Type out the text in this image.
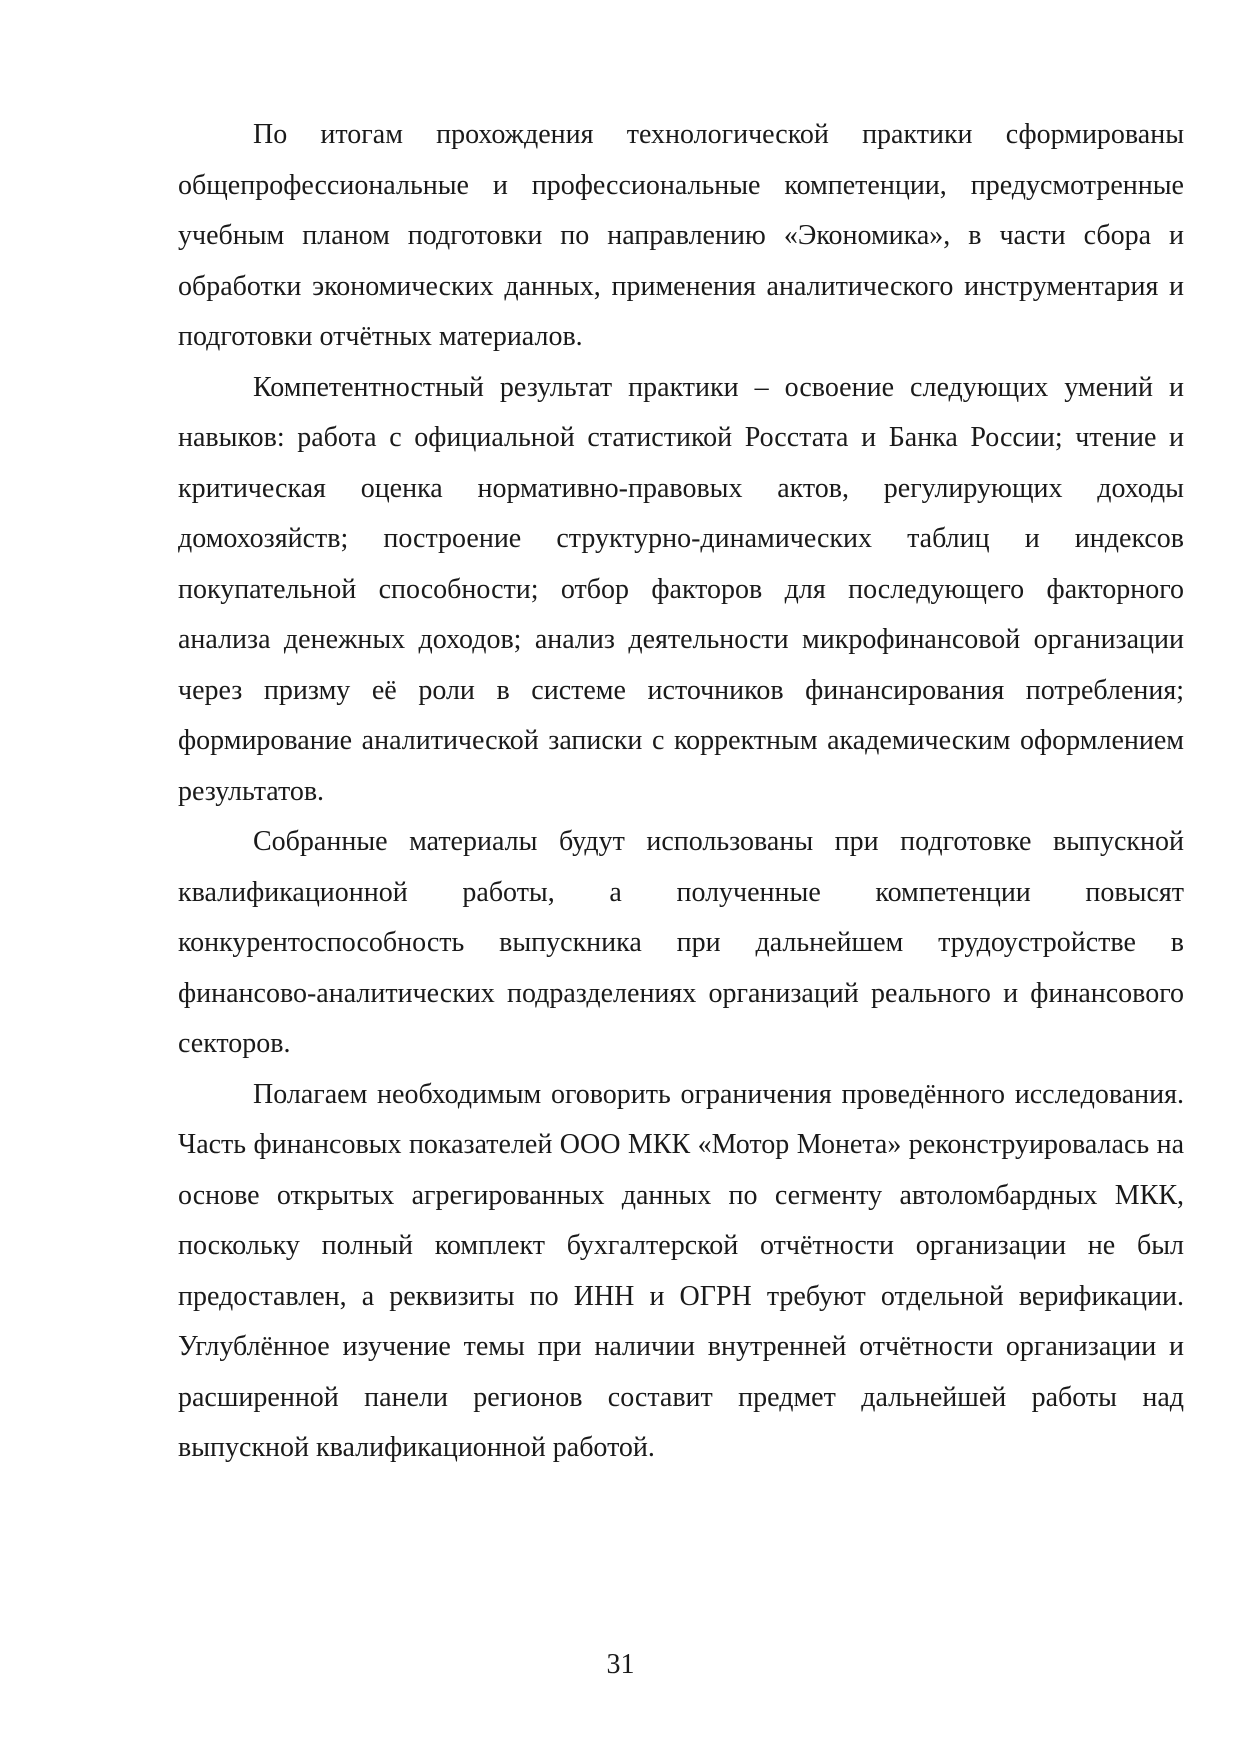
По итогам прохождения технологической практики сформированы общепрофессиональные и профессиональные компетенции, предусмотренные учебным планом подготовки по направлению «Экономика», в части сбора и обработки экономических данных, применения аналитического инструментария и подготовки отчётных материалов.

Компетентностный результат практики – освоение следующих умений и навыков: работа с официальной статистикой Росстата и Банка России; чтение и критическая оценка нормативно-правовых актов, регулирующих доходы домохозяйств; построение структурно-динамических таблиц и индексов покупательной способности; отбор факторов для последующего факторного анализа денежных доходов; анализ деятельности микрофинансовой организации через призму её роли в системе источников финансирования потребления; формирование аналитической записки с корректным академическим оформлением результатов.

Собранные материалы будут использованы при подготовке выпускной квалификационной работы, а полученные компетенции повысят конкурентоспособность выпускника при дальнейшем трудоустройстве в финансово-аналитических подразделениях организаций реального и финансового секторов.

Полагаем необходимым оговорить ограничения проведённого исследования. Часть финансовых показателей ООО МКК «Мотор Монета» реконструировалась на основе открытых агрегированных данных по сегменту автоломбардных МКК, поскольку полный комплект бухгалтерской отчётности организации не был предоставлен, а реквизиты по ИНН и ОГРН требуют отдельной верификации. Углублённое изучение темы при наличии внутренней отчётности организации и расширенной панели регионов составит предмет дальнейшей работы над выпускной квалификационной работой.

31
